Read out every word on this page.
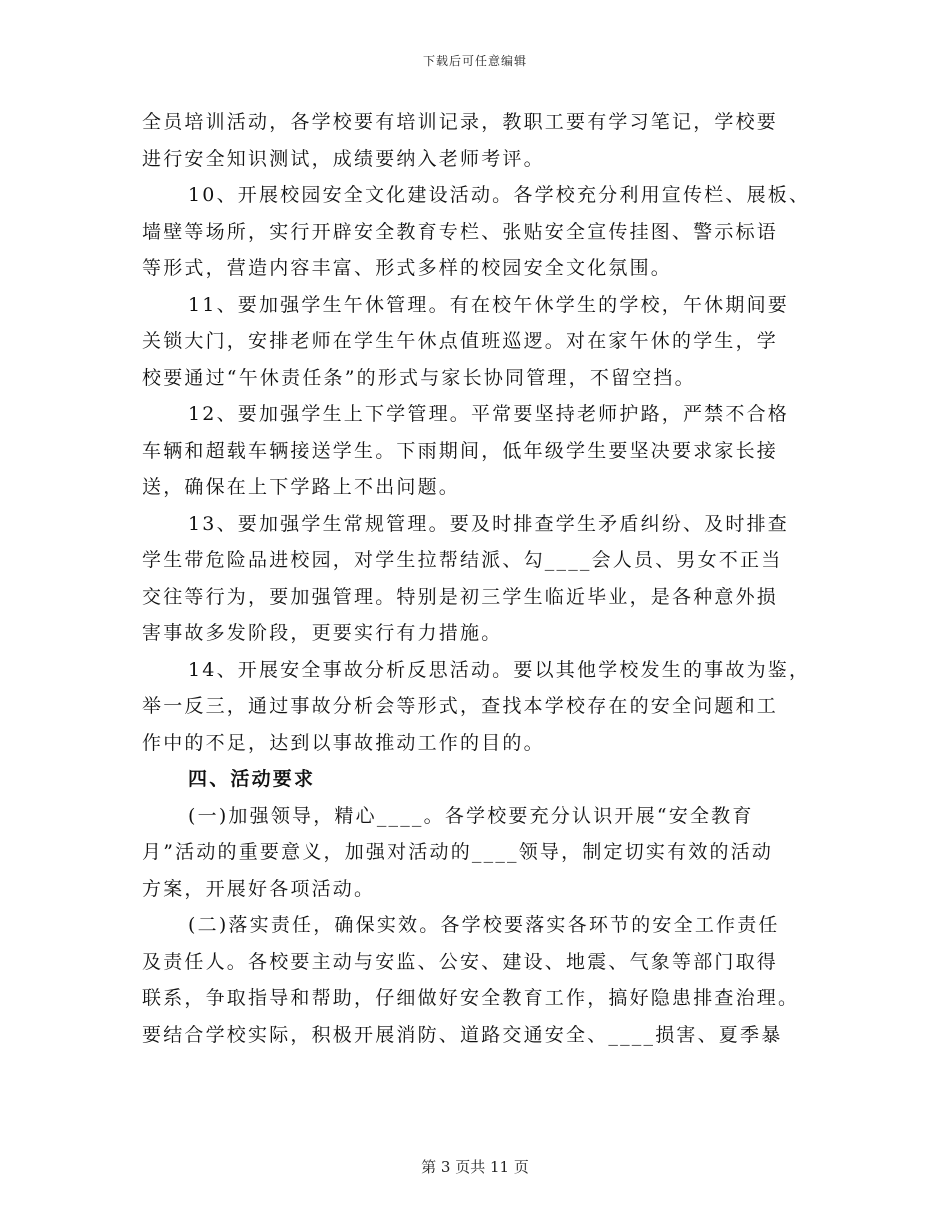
下载后可任意编辑
全员培训活动，各学校要有培训记录，教职工要有学习笔记，学校要
进行安全知识测试，成绩要纳入老师考评。
10、开展校园安全文化建设活动。各学校充分利用宣传栏、展板、
墙壁等场所，实行开辟安全教育专栏、张贴安全宣传挂图、警示标语
等形式，营造内容丰富、形式多样的校园安全文化氛围。
11、要加强学生午休管理。有在校午休学生的学校，午休期间要
关锁大门，安排老师在学生午休点值班巡逻。对在家午休的学生，学
校要通过“午休责任条”的形式与家长协同管理，不留空挡。
12、要加强学生上下学管理。平常要坚持老师护路，严禁不合格
车辆和超载车辆接送学生。下雨期间，低年级学生要坚决要求家长接
送，确保在上下学路上不出问题。
13、要加强学生常规管理。要及时排查学生矛盾纠纷、及时排查
学生带危险品进校园，对学生拉帮结派、勾____会人员、男女不正当
交往等行为，要加强管理。特别是初三学生临近毕业，是各种意外损
害事故多发阶段，更要实行有力措施。
14、开展安全事故分析反思活动。要以其他学校发生的事故为鉴，
举一反三，通过事故分析会等形式，查找本学校存在的安全问题和工
作中的不足，达到以事故推动工作的目的。
四、活动要求
(一)加强领导，精心____。各学校要充分认识开展“安全教育
月”活动的重要意义，加强对活动的____领导，制定切实有效的活动
方案，开展好各项活动。
(二)落实责任，确保实效。各学校要落实各环节的安全工作责任
及责任人。各校要主动与安监、公安、建设、地震、气象等部门取得
联系，争取指导和帮助，仔细做好安全教育工作，搞好隐患排查治理。
要结合学校实际，积极开展消防、道路交通安全、____损害、夏季暴
第 3 页共 11 页
